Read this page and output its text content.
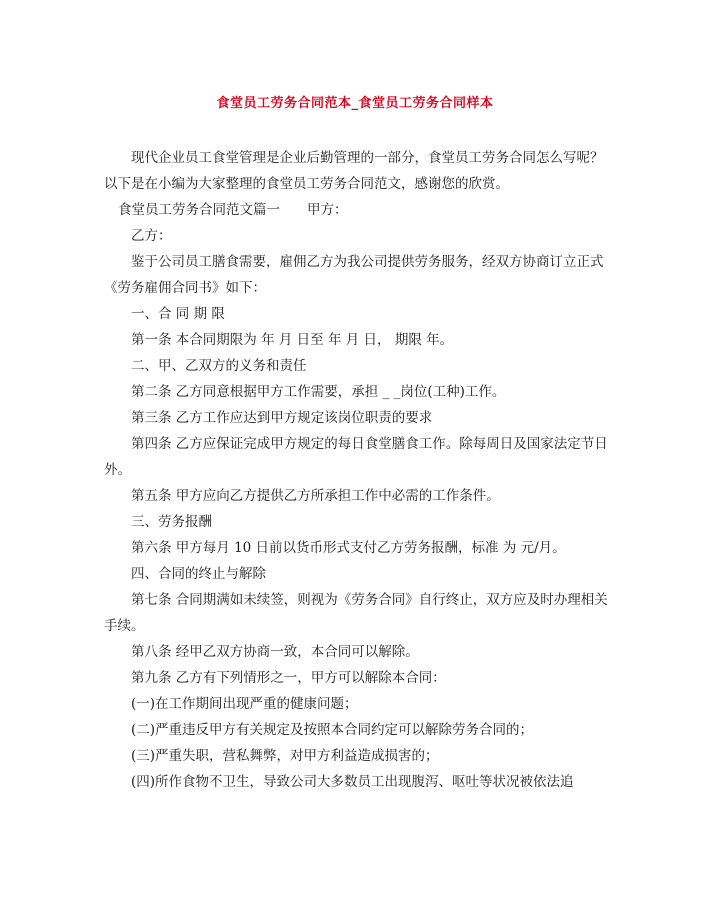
食堂员工劳务合同范本_食堂员工劳务合同样本

现代企业员工食堂管理是企业后勤管理的一部分，食堂员工劳务合同怎么写呢？以下是在小编为大家整理的食堂员工劳务合同范文，感谢您的欣赏。

食堂员工劳务合同范文篇一　　甲方：

乙方：

鉴于公司员工膳食需要，雇佣乙方为我公司提供劳务服务，经双方协商订立正式《劳务雇佣合同书》如下：

一、合 同 期 限

第一条 本合同期限为 年 月 日至 年 月 日， 期限 年。

二、甲、乙双方的义务和责任

第二条 乙方同意根据甲方工作需要，承担 _ _岗位(工种)工作。

第三条 乙方工作应达到甲方规定该岗位职责的要求

第四条 乙方应保证完成甲方规定的每日食堂膳食工作。除每周日及国家法定节日外。

第五条 甲方应向乙方提供乙方所承担工作中必需的工作条件。

三、劳务报酬

第六条 甲方每月 10 日前以货币形式支付乙方劳务报酬，标准 为 元/月。

四、合同的终止与解除

第七条 合同期满如未续签，则视为《劳务合同》自行终止，双方应及时办理相关手续。

第八条 经甲乙双方协商一致，本合同可以解除。

第九条 乙方有下列情形之一，甲方可以解除本合同：

(一)在工作期间出现严重的健康问题；

(二)严重违反甲方有关规定及按照本合同约定可以解除劳务合同的；

(三)严重失职，营私舞弊，对甲方利益造成损害的；

(四)所作食物不卫生，导致公司大多数员工出现腹泻、呕吐等状况被依法追
